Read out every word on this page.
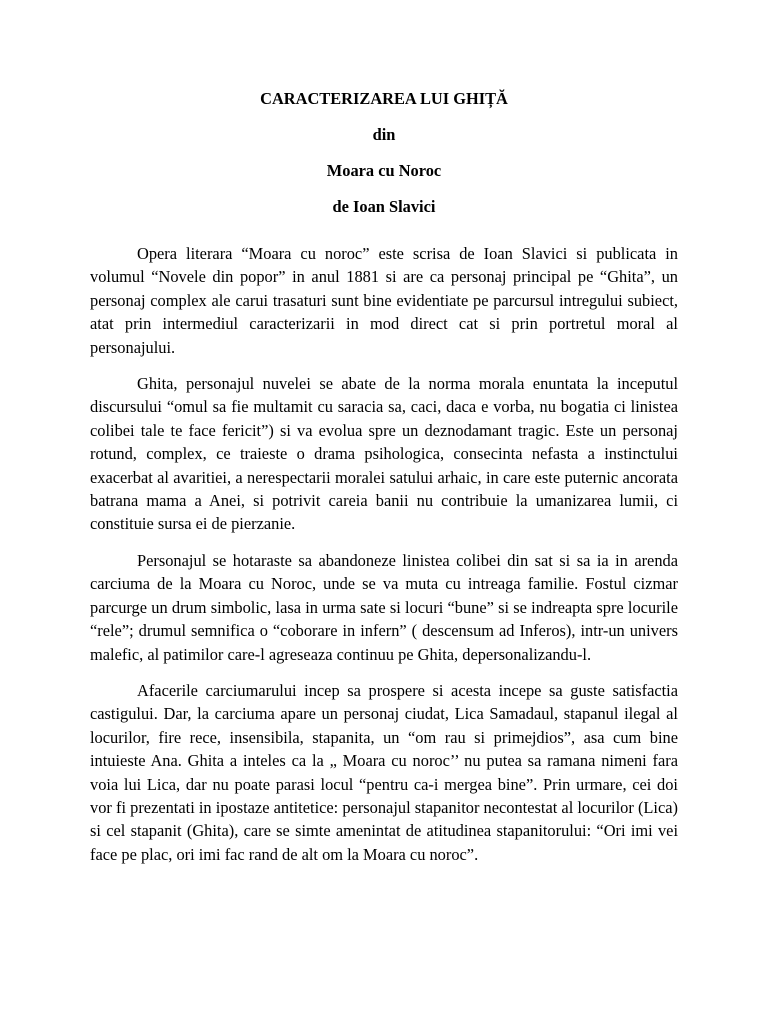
CARACTERIZAREA LUI GHIȚĂ
din
Moara cu Noroc
de Ioan Slavici

Opera literara “Moara cu noroc” este scrisa de Ioan Slavici si publicata in volumul “Novele din popor” in anul 1881 si are ca personaj principal pe “Ghita”, un personaj complex ale carui trasaturi sunt bine evidentiate pe parcursul intregului subiect, atat prin intermediul caracterizarii in mod direct cat si prin portretul moral al personajului.

Ghita, personajul nuvelei se abate de la norma morala enuntata la inceputul discursului “omul sa fie multamit cu saracia sa, caci, daca e vorba, nu bogatia ci linistea colibei tale te face fericit”) si va evolua spre un deznodamant tragic. Este un personaj rotund, complex, ce traieste o drama psihologica, consecinta nefasta a instinctului exacerbat al avaritiei, a nerespectarii moralei satului arhaic, in care este puternic ancorata batrana mama a Anei, si potrivit careia banii nu contribuie la umanizarea lumii, ci constituie sursa ei de pierzanie.

Personajul se hotaraste sa abandoneze linistea colibei din sat si sa ia in arenda carciuma de la Moara cu Noroc, unde se va muta cu intreaga familie. Fostul cizmar parcurge un drum simbolic, lasa in urma sate si locuri “bune” si se indreapta spre locurile “rele”; drumul semnifica o “coborare in infern” ( descensum ad Inferos), intr-un univers malefic, al patimilor care-l agreseaza continuu pe Ghita, depersonalizandu-l.

Afacerile carciumarului incep sa prospere si acesta incepe sa guste satisfactia castigului. Dar, la carciuma apare un personaj ciudat, Lica Samadaul, stapanul ilegal al locurilor, fire rece, insensibila, stapanita, un “om rau si primejdios”, asa cum bine intuieste Ana. Ghita a inteles ca la „ Moara cu noroc’’ nu putea sa ramana nimeni fara voia lui Lica, dar nu poate parasi locul “pentru ca-i mergea bine”. Prin urmare, cei doi vor fi prezentati in ipostaze antitetice: personajul stapanitor necontestat al locurilor (Lica) si cel stapanit (Ghita), care se simte amenintat de atitudinea stapanitorului: “Ori imi vei face pe plac, ori imi fac rand de alt om la Moara cu noroc”.
